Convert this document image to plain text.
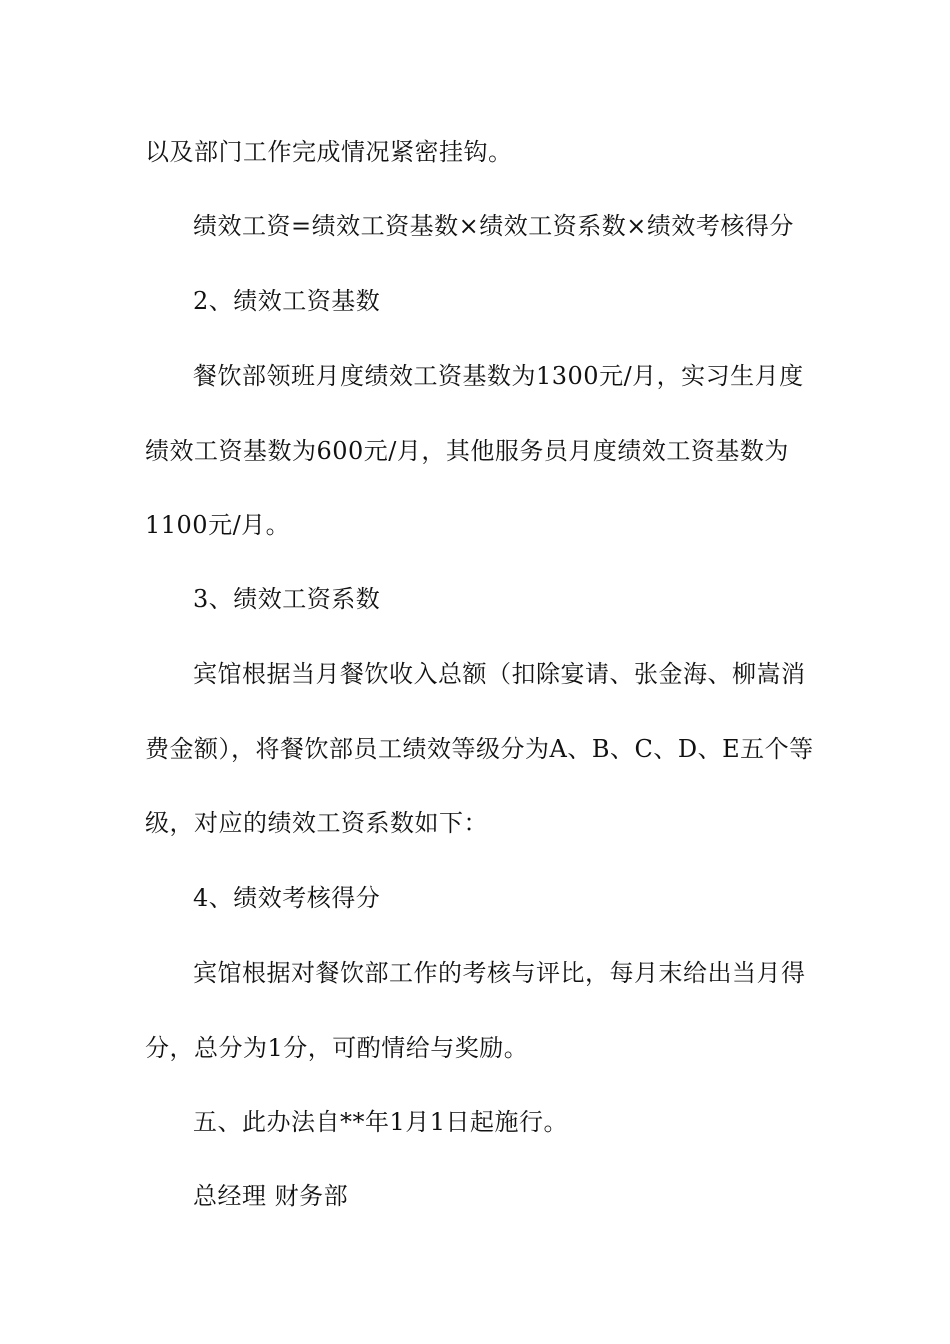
以及部门工作完成情况紧密挂钩。
绩效工资=绩效工资基数×绩效工资系数×绩效考核得分
2、绩效工资基数
餐饮部领班月度绩效工资基数为1300元/月，实习生月度
绩效工资基数为600元/月，其他服务员月度绩效工资基数为
1100元/月。
3、绩效工资系数
宾馆根据当月餐饮收入总额（扣除宴请、张金海、柳嵩消
费金额），将餐饮部员工绩效等级分为A、B、C、D、E五个等
级，对应的绩效工资系数如下：
4、绩效考核得分
宾馆根据对餐饮部工作的考核与评比，每月末给出当月得
分，总分为1分，可酌情给与奖励。
五、此办法自**年1月1日起施行。
总经理 财务部
